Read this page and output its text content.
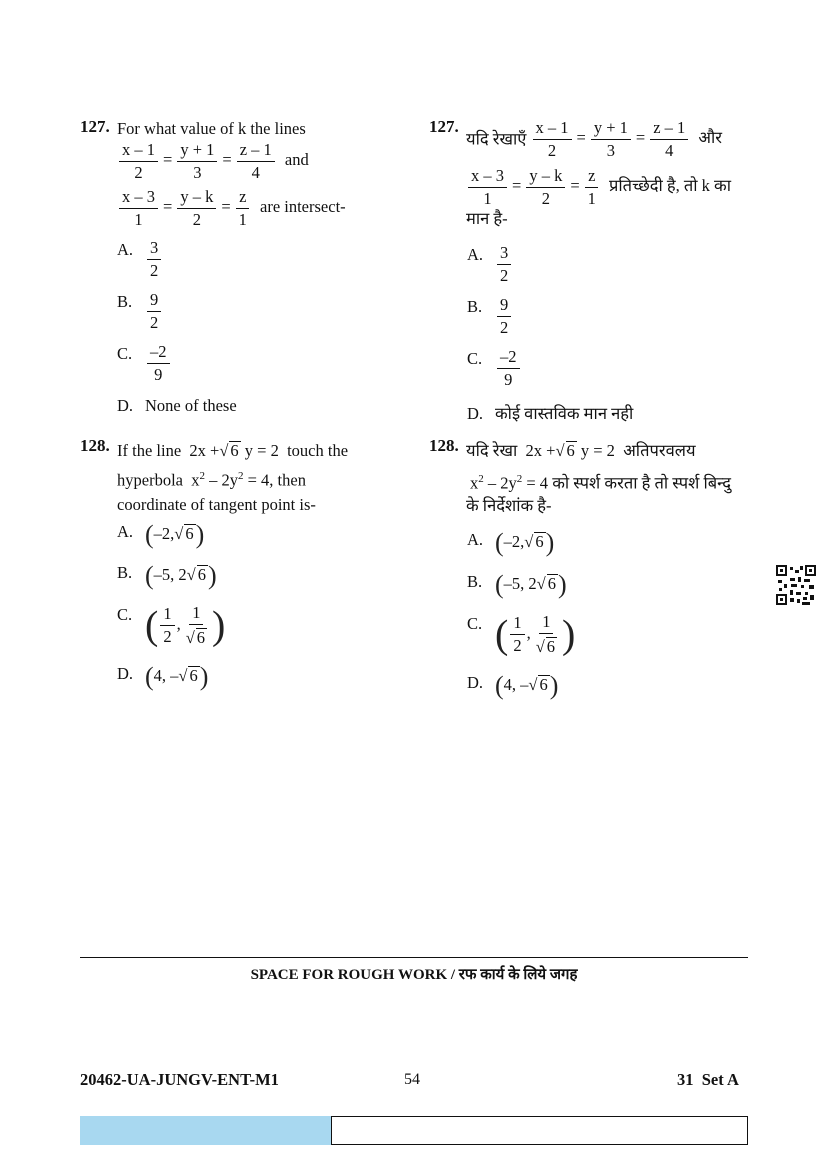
127. For what value of k the lines
$\frac{x - 1}{2} = \frac{y + 1}{3} = \frac{z - 1}{4}$ and
$\frac{x - 3}{1} = \frac{y - k}{2} = \frac{z}{1}$ are intersect-
A. $\frac{3}{2}$
B. $\frac{9}{2}$
C. $\frac{-2}{9}$
D. None of these
127.
यदि रेखाएँ $\frac{x - 1}{2} = \frac{y + 1}{3} = \frac{z - 1}{4}$ और
$\frac{x - 3}{1} = \frac{y - k}{2} = \frac{z}{1}$ प्रतिच्छेदी है, तो k का
मान है-
A. $\frac{3}{2}$
B. $\frac{9}{2}$
C. $\frac{-2}{9}$
D. कोई वास्तविक मान नही
128. If the line 2x +√ 6 y = 2 touch the
hyperbola $x^2 - 2y^2 = 4$, then
coordinate of tangent point is-
A. (–2,√ 6)
B. (–5, 2√ 6)
C. ( $\frac{1}{2}$ , $\frac{1}{√ 6}$ )
D. (4, –√ 6)
128. यदि रेखा 2x +√ 6 y = 2 अतिपरवलय
$x^2 - 2y^2 = 4$ को स्पर्श करता है तो स्पर्श बिन्दु
के निर्देशांक है-
A. (–2,√ 6)
B. (–5, 2√ 6)
C. ( $\frac{1}{2}$ , $\frac{1}{√ 6}$ )
D. (4, –√ 6)
SPACE FOR ROUGH WORK / रफ कार्य के लिये जगह
20462-UA-JUNGV-ENT-M1	54	31 Set A
